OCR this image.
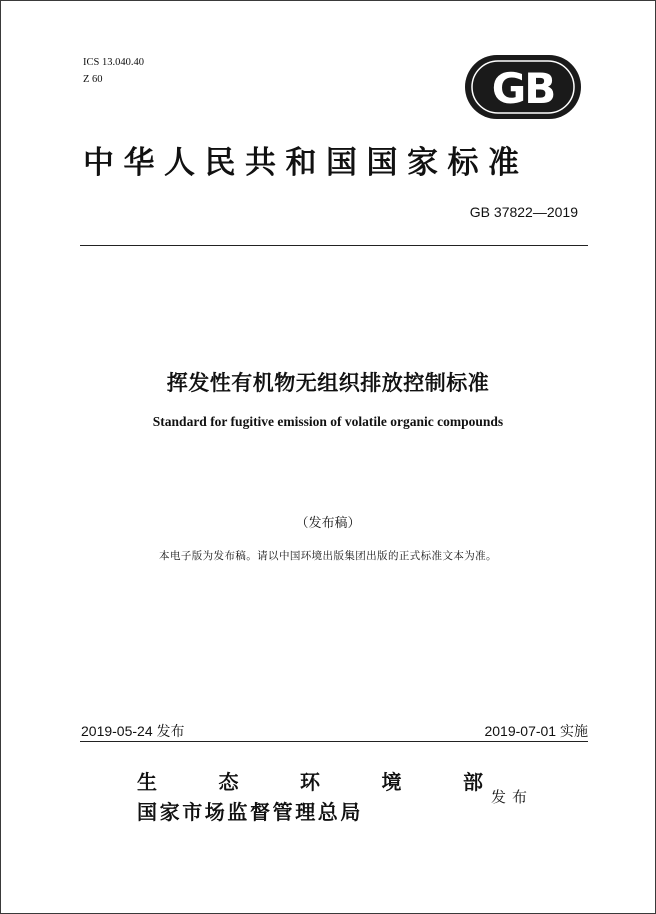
ICS 13.040.40
Z 60	GB
中华人民共和国国家标准
GB 37822—2019
挥发性有机物无组织排放控制标准
Standard for fugitive emission of volatile organic compounds
（发布稿）
本电子版为发布稿。请以中国环境出版集团出版的正式标准文本为准。
2019-05-24 发布	2019-07-01 实施
生	态	环	境	部
国家市场监督管理总局
发布
